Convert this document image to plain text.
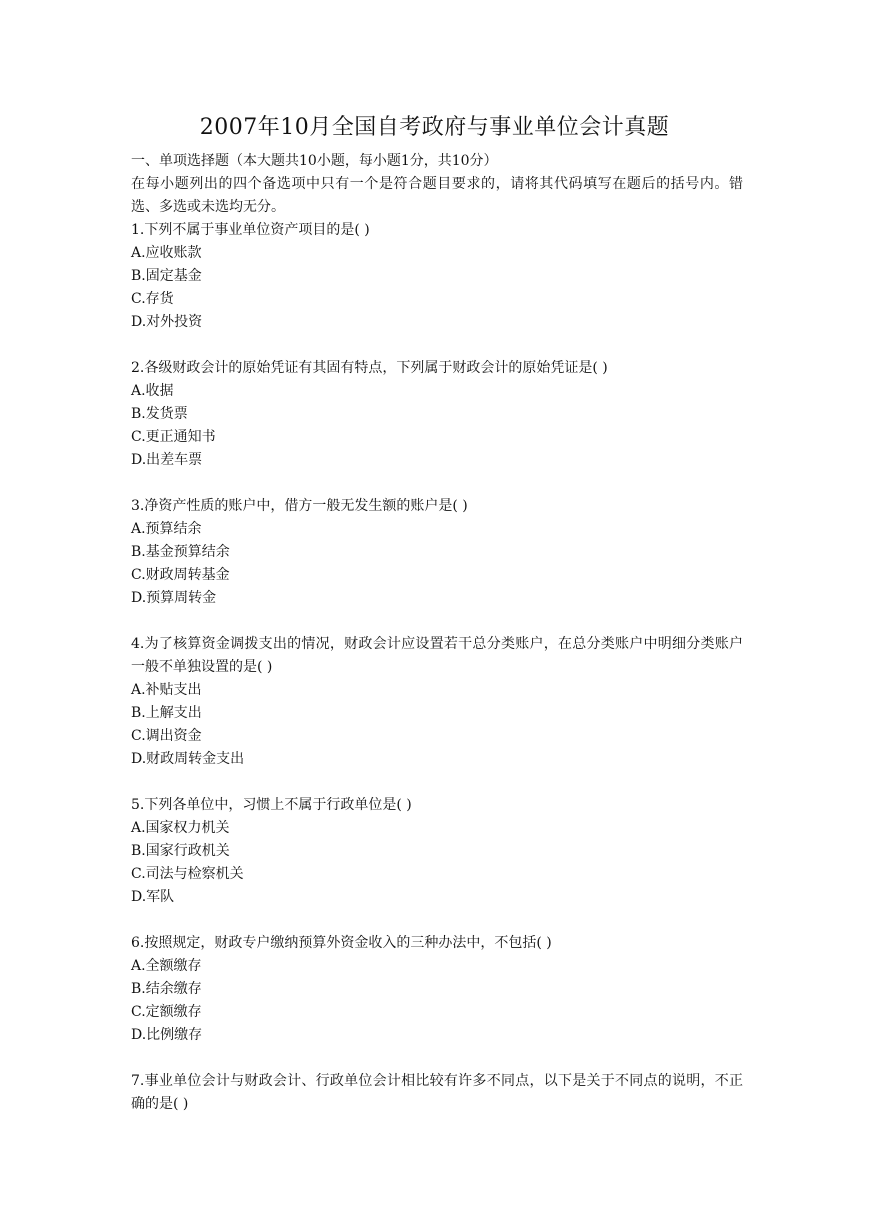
2007年10月全国自考政府与事业单位会计真题
一、单项选择题（本大题共10小题，每小题1分，共10分）
在每小题列出的四个备选项中只有一个是符合题目要求的，请将其代码填写在题后的括号内。错选、多选或未选均无分。
1.下列不属于事业单位资产项目的是( )
A.应收账款
B.固定基金
C.存货
D.对外投资
2.各级财政会计的原始凭证有其固有特点，下列属于财政会计的原始凭证是( )
A.收据
B.发货票
C.更正通知书
D.出差车票
3.净资产性质的账户中，借方一般无发生额的账户是( )
A.预算结余
B.基金预算结余
C.财政周转基金
D.预算周转金
4.为了核算资金调拨支出的情况，财政会计应设置若干总分类账户，在总分类账户中明细分类账户一般不单独设置的是( )
A.补贴支出
B.上解支出
C.调出资金
D.财政周转金支出
5.下列各单位中，习惯上不属于行政单位是( )
A.国家权力机关
B.国家行政机关
C.司法与检察机关
D.军队
6.按照规定，财政专户缴纳预算外资金收入的三种办法中，不包括( )
A.全额缴存
B.结余缴存
C.定额缴存
D.比例缴存
7.事业单位会计与财政会计、行政单位会计相比较有许多不同点，以下是关于不同点的说明，不正确的是( )
